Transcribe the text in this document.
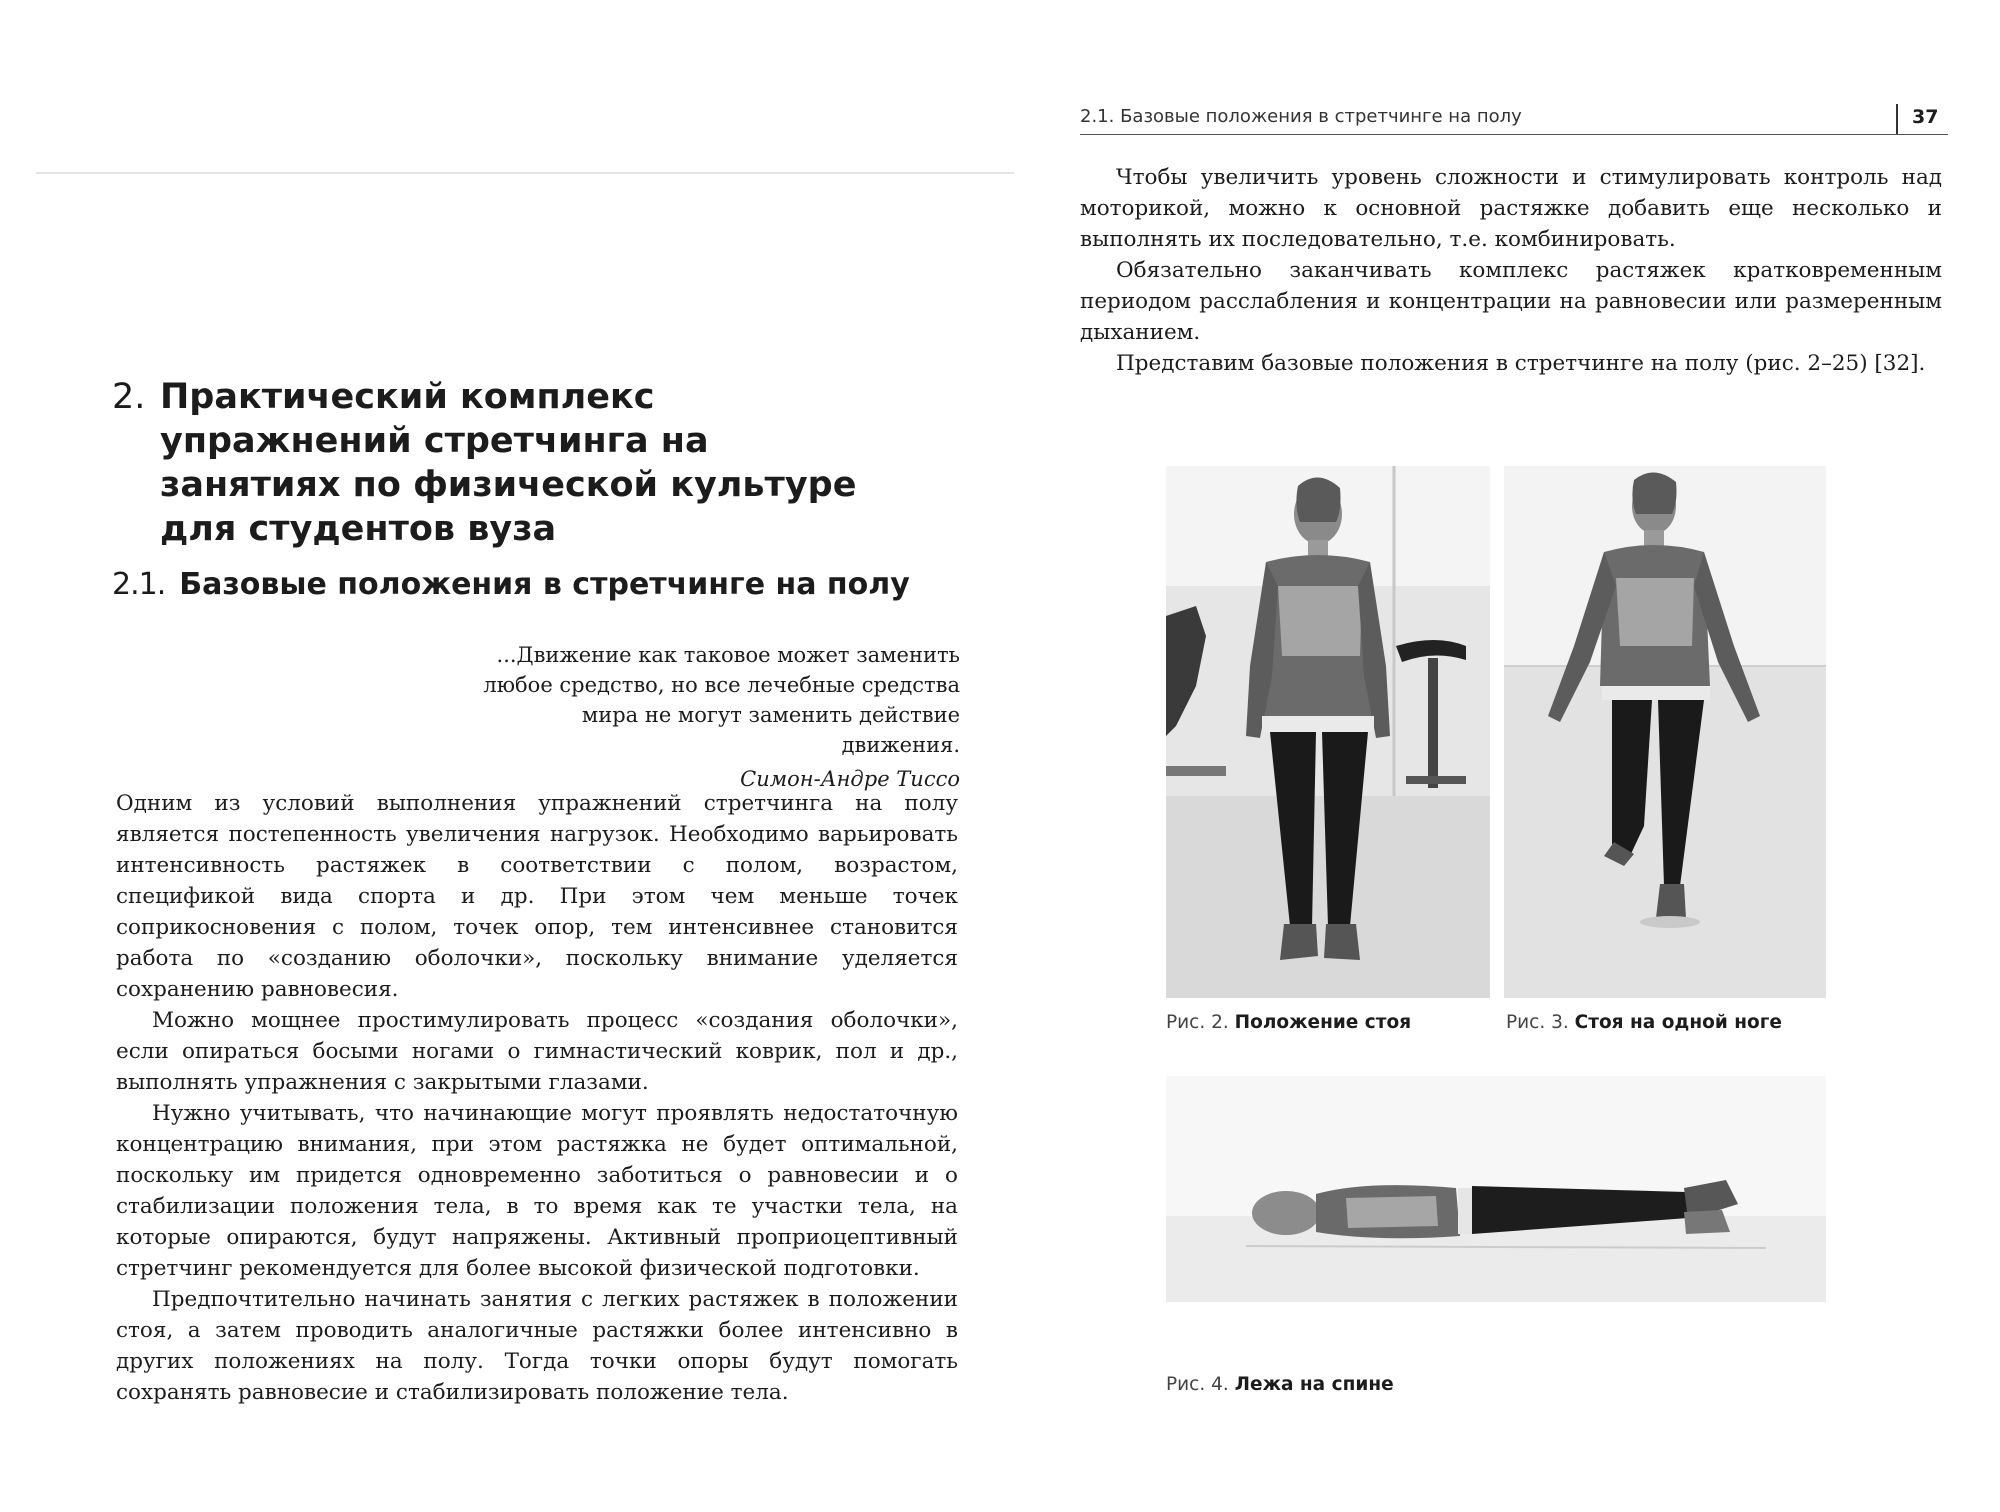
2. Практический комплекс упражнений стретчинга на занятиях по физической культуре для студентов вуза
2.1. Базовые положения в стретчинге на полу
...Движение как таковое может заменить
любое средство, но все лечебные средства
мира не могут заменить действие движения.
Симон-Андре Тиссо

Одним из условий выполнения упражнений стретчинга на полу является постепенность увеличения нагрузок. Необходимо варьировать интенсивность растяжек в соответствии с полом, возрастом, спецификой вида спорта и др. При этом чем меньше точек соприкосновения с полом, точек опор, тем интенсивнее становится работа по «созданию оболочки», поскольку внимание уделяется сохранению равновесия.

Можно мощнее простимулировать процесс «создания оболочки», если опираться босыми ногами о гимнастический коврик, пол и др., выполнять упражнения с закрытыми глазами.

Нужно учитывать, что начинающие могут проявлять недостаточную концентрацию внимания, при этом растяжка не будет оптимальной, поскольку им придется одновременно заботиться о равновесии и о стабилизации положения тела, в то время как те участки тела, на которые опираются, будут напряжены. Активный проприоцептивный стретчинг рекомендуется для более высокой физической подготовки.

Предпочтительно начинать занятия с легких растяжек в положении стоя, а затем проводить аналогичные растяжки более интенсивно в других положениях на полу. Тогда точки опоры будут помогать сохранять равновесие и стабилизировать положение тела.

2.1. Базовые положения в стретчинге на полу	37

Чтобы увеличить уровень сложности и стимулировать контроль над моторикой, можно к основной растяжке добавить еще несколько и выполнять их последовательно, т.е. комбинировать.

Обязательно заканчивать комплекс растяжек кратковременным периодом расслабления и концентрации на равновесии или размеренным дыханием.

Представим базовые положения в стретчинге на полу (рис. 2–25) [32].

Рис. 2. Положение стоя	Рис. 3. Стоя на одной ноге
Рис. 4. Лежа на спине
